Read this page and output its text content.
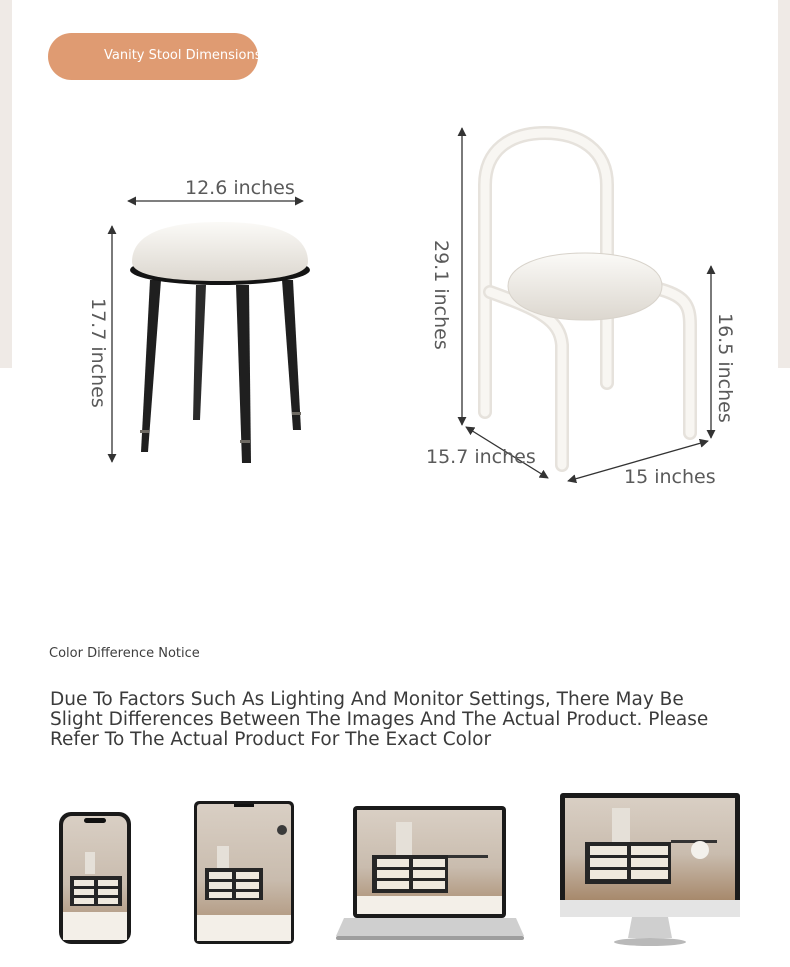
Vanity Stool Dimensions
12.6 inches
17.7 inches
29.1 inches
16.5 inches
15.7 inches
15 inches
Color Difference Notice
Due To Factors Such As Lighting And Monitor Settings, There May Be Slight Differences Between The Images And The Actual Product. Please Refer To The Actual Product For The Exact Color
